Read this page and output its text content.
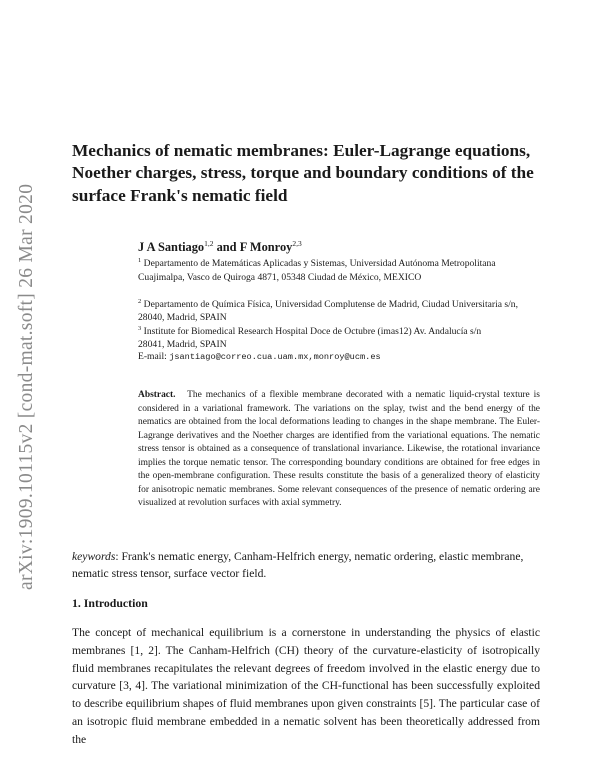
arXiv:1909.10115v2 [cond-mat.soft] 26 Mar 2020
Mechanics of nematic membranes: Euler-Lagrange equations, Noether charges, stress, torque and boundary conditions of the surface Frank's nematic field
J A Santiago$^{1,2}$ and F Monroy$^{2,3}$
$^1$ Departamento de Matemáticas Aplicadas y Sistemas, Universidad Autónoma Metropolitana Cuajimalpa, Vasco de Quiroga 4871, 05348 Ciudad de México, MEXICO
$^2$ Departamento de Química Física, Universidad Complutense de Madrid, Ciudad Universitaria s/n, 28040, Madrid, SPAIN
$^3$ Institute for Biomedical Research Hospital Doce de Octubre (imas12) Av. Andalucía s/n 28041, Madrid, SPAIN
E-mail: jsantiago@correo.cua.uam.mx,monroy@ucm.es

Abstract. The mechanics of a flexible membrane decorated with a nematic liquid-crystal texture is considered in a variational framework. The variations on the splay, twist and the bend energy of the nematics are obtained from the local deformations leading to changes in the shape membrane. The Euler-Lagrange derivatives and the Noether charges are identified from the variational equations. The nematic stress tensor is obtained as a consequence of translational invariance. Likewise, the rotational invariance implies the torque nematic tensor. The corresponding boundary conditions are obtained for free edges in the open-membrane configuration. These results constitute the basis of a generalized theory of elasticity for anisotropic nematic membranes. Some relevant consequences of the presence of nematic ordering are visualized at revolution surfaces with axial symmetry.

keywords: Frank's nematic energy, Canham-Helfrich energy, nematic ordering, elastic membrane, nematic stress tensor, surface vector field.

1. Introduction

The concept of mechanical equilibrium is a cornerstone in understanding the physics of elastic membranes [1, 2]. The Canham-Helfrich (CH) theory of the curvature-elasticity of isotropically fluid membranes recapitulates the relevant degrees of freedom involved in the elastic energy due to curvature [3, 4]. The variational minimization of the CH-functional has been successfully exploited to describe equilibrium shapes of fluid membranes upon given constraints [5]. The particular case of an isotropic fluid membrane embedded in a nematic solvent has been theoretically addressed from the
